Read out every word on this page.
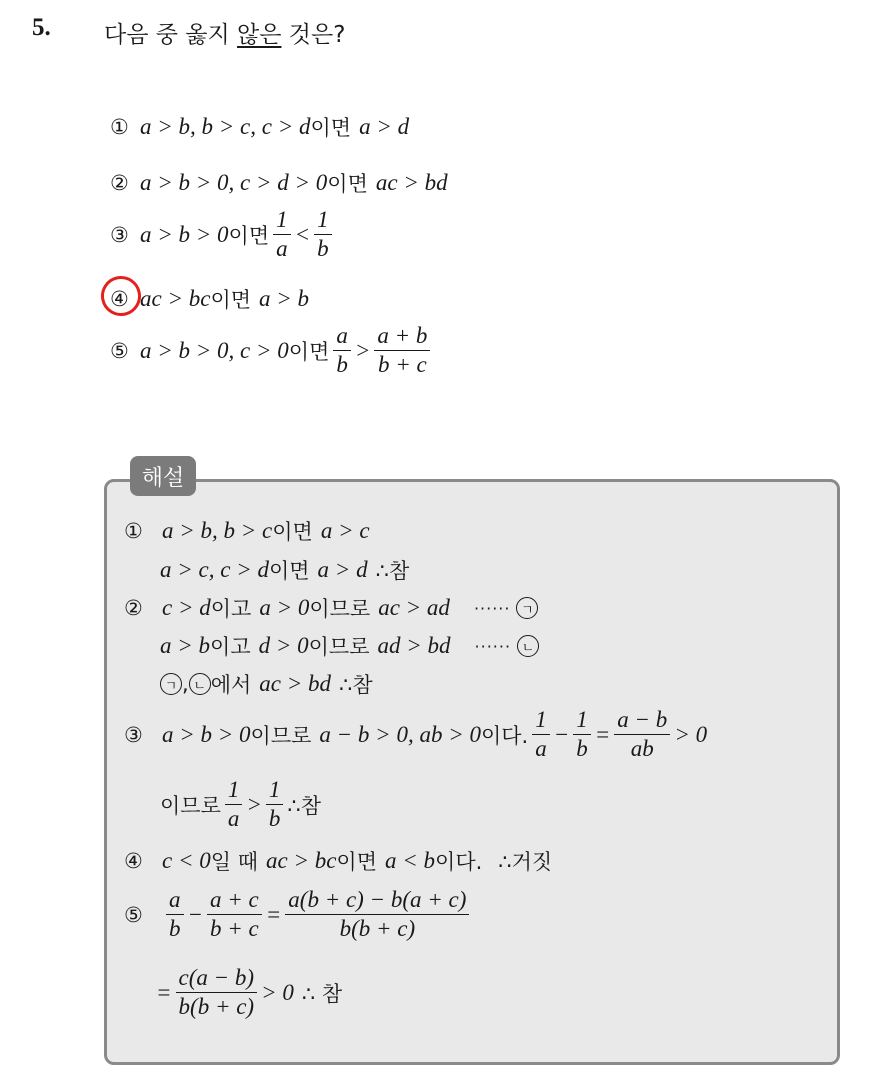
5. 다음 중 옳지 않은 것은?
① a > b, b > c, c > d 이면 a > d
② a > b > 0, c > d > 0 이면 ac > bd
③ a > b > 0 이면 $\frac{1}{a} < \frac{1}{b}$
④ ac > bc 이면 a > b
⑤ a > b > 0, c > 0 이면 $\frac{a}{b} > \frac{a + b}{b + c}$
해설
① a > b, b > c 이면 a > c
a > c, c > d 이면 a > d ∴참
② c > d 이고 a > 0 이므로 ac > ad ······ ㄱ
a > b 이고 d > 0 이므로 ad > bd ······ ㄴ
ㄱ , ㄴ 에서 ac > bd ∴참
③ a > b > 0 이므로 a − b > 0, ab > 0 이다. $\frac{1}{a} - \frac{1}{b} = \frac{a - b}{ab} > 0$
이므로 $\frac{1}{a} > \frac{1}{b}$ ∴참
④ c < 0 일 때 ac > bc 이면 a < b 이다. ∴거짓
⑤	$\frac{a}{b} - \frac{a + c}{b + c} = \frac{a(b + c) - b(a + c)}{b(b + c)}$
= $\frac{c(a - b)}{b(b + c)} > 0$ ∴ 참
